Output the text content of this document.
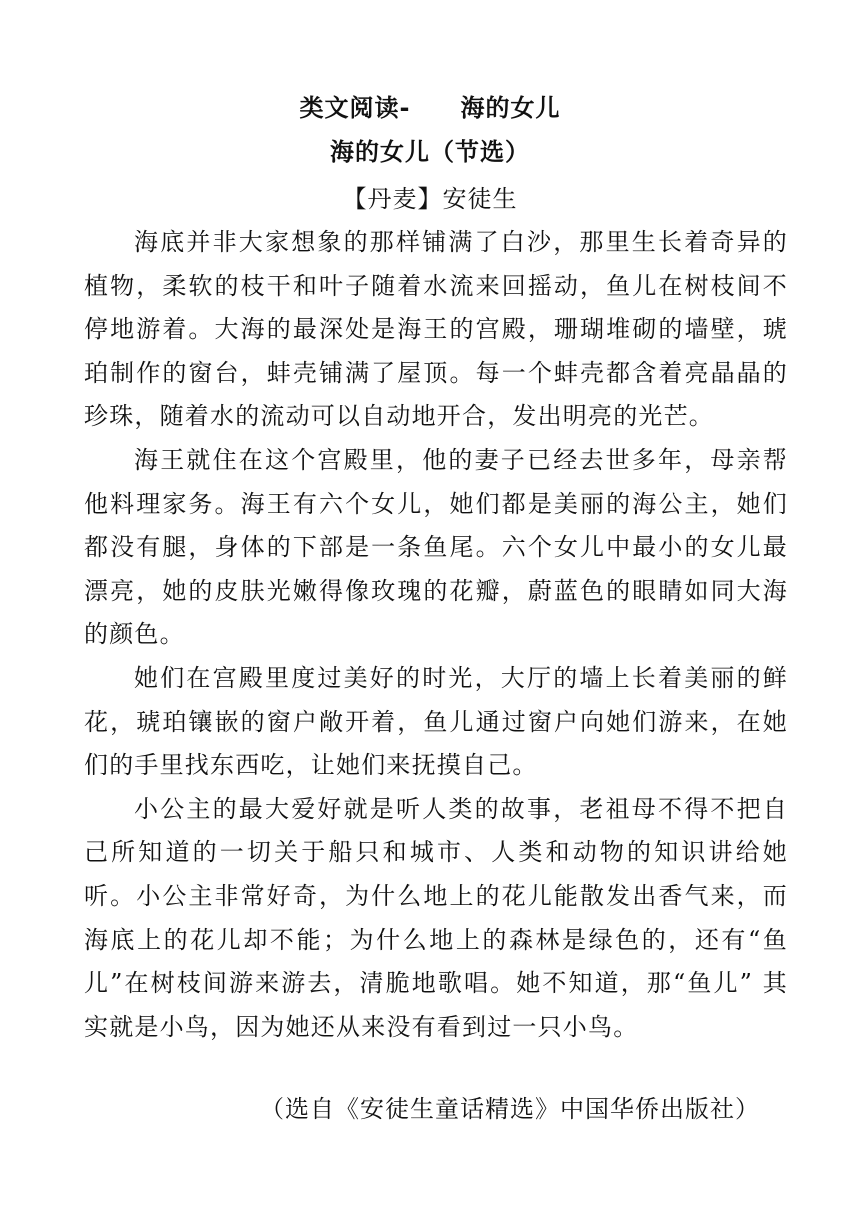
类文阅读- 海的女儿
海的女儿（节选）
【丹麦】安徒生

海底并非大家想象的那样铺满了白沙，那里生长着奇异的植物，柔软的枝干和叶子随着水流来回摇动，鱼儿在树枝间不停地游着。大海的最深处是海王的宫殿，珊瑚堆砌的墙壁，琥珀制作的窗台，蚌壳铺满了屋顶。每一个蚌壳都含着亮晶晶的珍珠，随着水的流动可以自动地开合，发出明亮的光芒。

海王就住在这个宫殿里，他的妻子已经去世多年，母亲帮他料理家务。海王有六个女儿，她们都是美丽的海公主，她们都没有腿，身体的下部是一条鱼尾。六个女儿中最小的女儿最漂亮，她的皮肤光嫩得像玫瑰的花瓣，蔚蓝色的眼睛如同大海的颜色。

她们在宫殿里度过美好的时光，大厅的墙上长着美丽的鲜花，琥珀镶嵌的窗户敞开着，鱼儿通过窗户向她们游来，在她们的手里找东西吃，让她们来抚摸自己。

小公主的最大爱好就是听人类的故事，老祖母不得不把自己所知道的一切关于船只和城市、人类和动物的知识讲给她听。小公主非常好奇，为什么地上的花儿能散发出香气来，而海底上的花儿却不能；为什么地上的森林是绿色的，还有“鱼儿”在树枝间游来游去，清脆地歌唱。她不知道，那“鱼儿” 其实就是小鸟，因为她还从来没有看到过一只小鸟。

（选自《安徒生童话精选》中国华侨出版社）
